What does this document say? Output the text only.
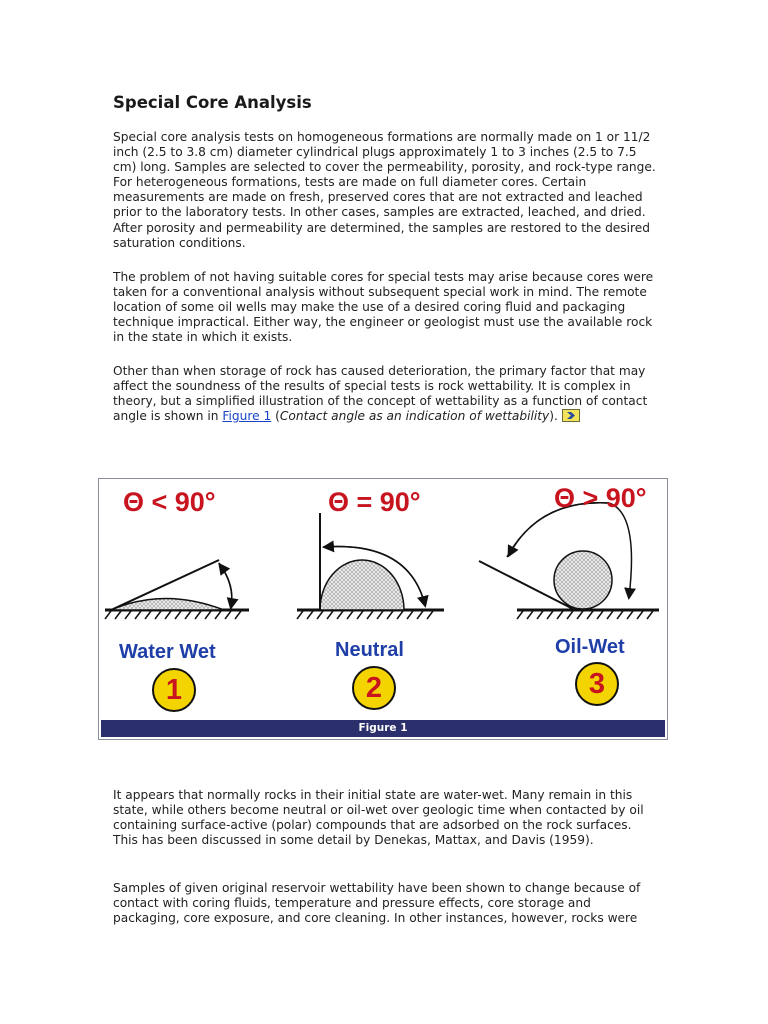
Special Core Analysis

Special core analysis tests on homogeneous formations are normally made on 1 or 11/2 inch (2.5 to 3.8 cm) diameter cylindrical plugs approximately 1 to 3 inches (2.5 to 7.5 cm) long. Samples are selected to cover the permeability, porosity, and rock-type range. For heterogeneous formations, tests are made on full diameter cores. Certain measurements are made on fresh, preserved cores that are not extracted and leached prior to the laboratory tests. In other cases, samples are extracted, leached, and dried. After porosity and permeability are determined, the samples are restored to the desired saturation conditions.

The problem of not having suitable cores for special tests may arise because cores were taken for a conventional analysis without subsequent special work in mind. The remote location of some oil wells may make the use of a desired coring fluid and packaging technique impractical. Either way, the engineer or geologist must use the available rock in the state in which it exists.

Other than when storage of rock has caused deterioration, the primary factor that may affect the soundness of the results of special tests is rock wettability. It is complex in theory, but a simplified illustration of the concept of wettability as a function of contact angle is shown in Figure 1 (Contact angle as an indication of wettability).

It appears that normally rocks in their initial state are water-wet. Many remain in this state, while others become neutral or oil-wet over geologic time when contacted by oil containing surface-active (polar) compounds that are adsorbed on the rock surfaces. This has been discussed in some detail by Denekas, Mattax, and Davis (1959).

Samples of given original reservoir wettability have been shown to change because of contact with coring fluids, temperature and pressure effects, core storage and packaging, core exposure, and core cleaning. In other instances, however, rocks were

Θ < 90°	Θ = 90°	Θ > 90°
Water Wet	Neutral	Oil-Wet
1	2	3
Figure 1
